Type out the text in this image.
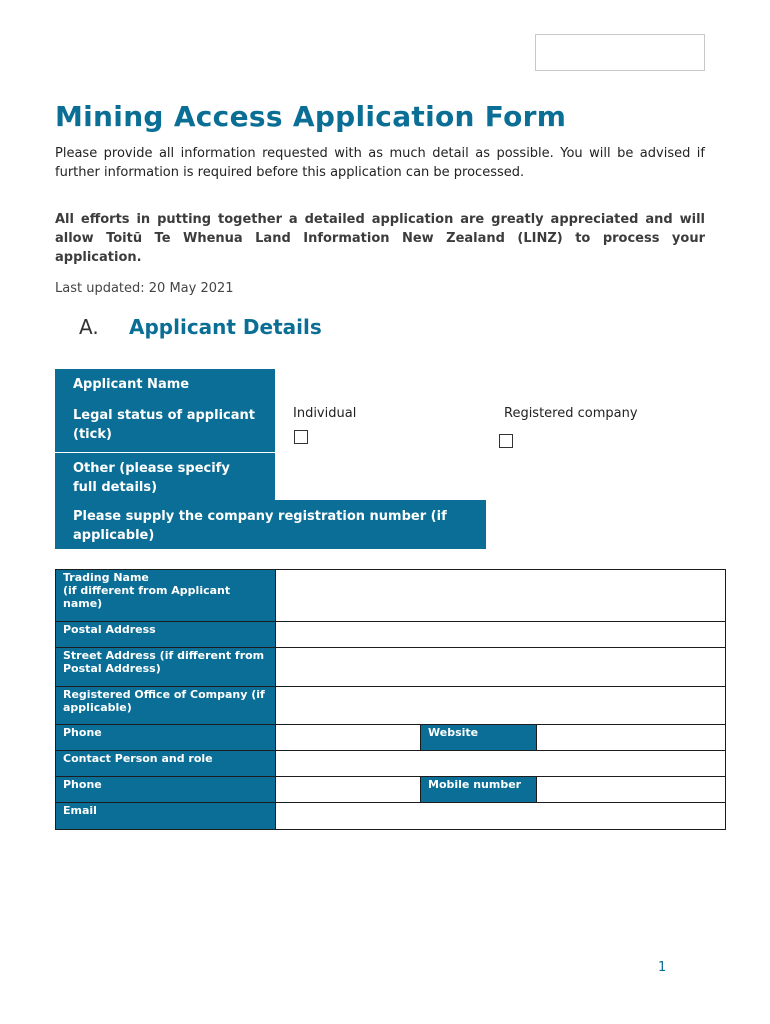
Mining Access Application Form

Please provide all information requested with as much detail as possible. You will be advised if further information is required before this application can be processed.

All efforts in putting together a detailed application are greatly appreciated and will allow Toitū Te Whenua Land Information New Zealand (LINZ) to process your application.

Last updated: 20 May 2021

A. Applicant Details
Applicant Name
Legal status of applicant (tick)
Individual	Registered company
Other (please specify full details)
Please supply the company registration number (if applicable)
Trading Name
(if different from Applicant name)			
Postal Address			
Street Address (if different from Postal Address)			
Registered Office of Company (if applicable)			
Phone		Website	
Contact Person and role			
Phone		Mobile number	
Email			
1
